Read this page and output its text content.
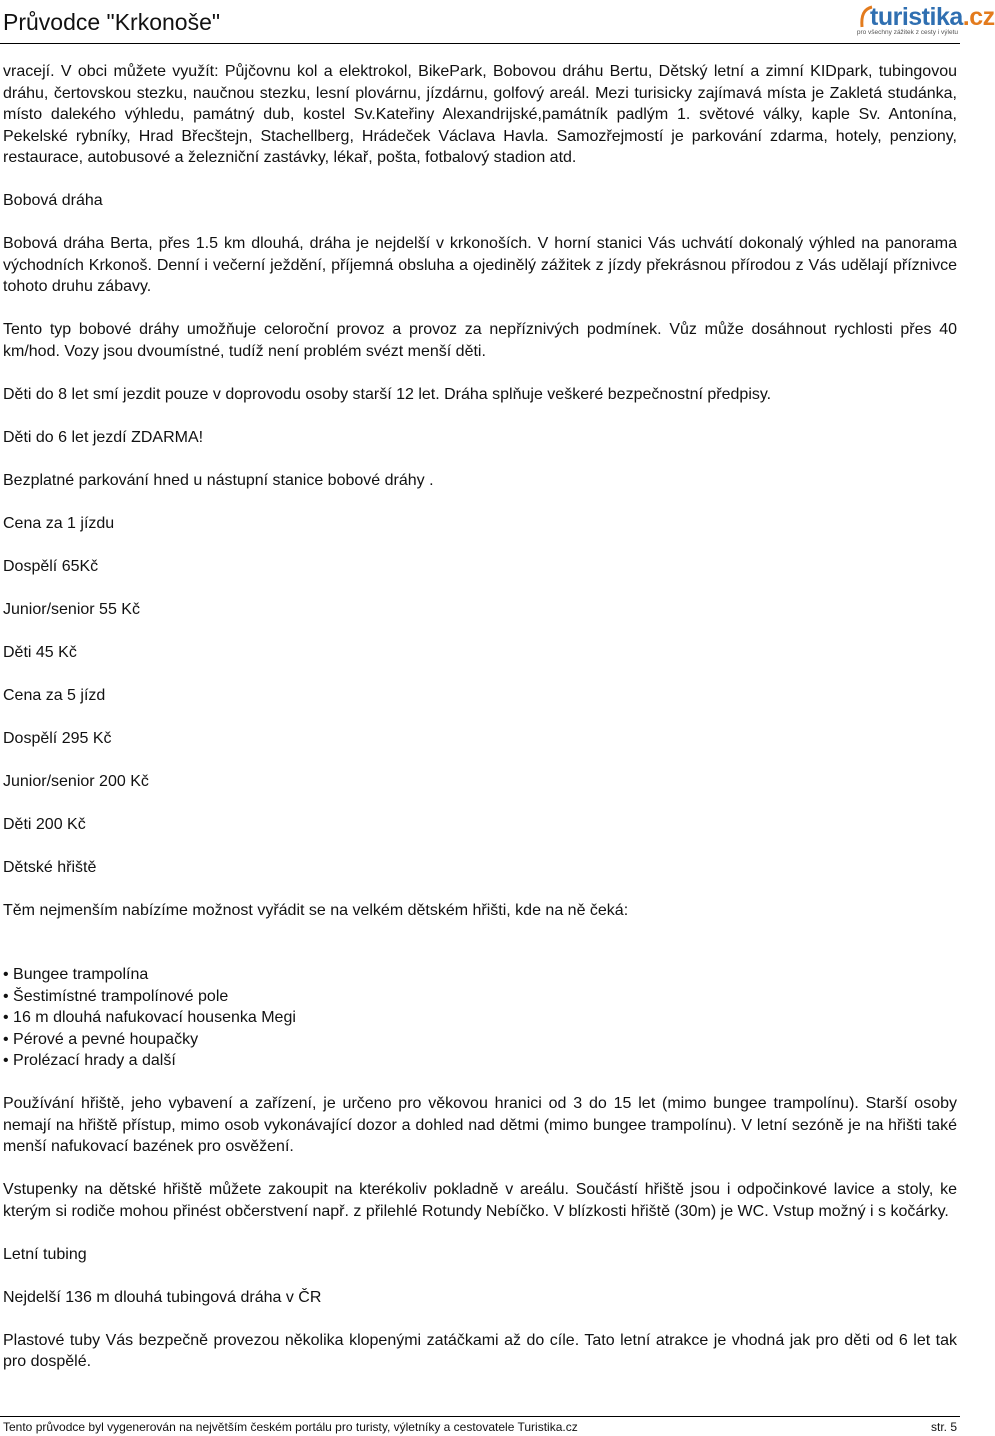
Průvodce "Krkonoše"	turistika.cz
pro všechny zážitek z cesty i výletu

vracejí. V obci můžete využít: Půjčovnu kol a elektrokol, BikePark, Bobovou dráhu Bertu, Dětský letní a zimní KIDpark, tubingovou dráhu, čertovskou stezku, naučnou stezku, lesní plovárnu, jízdárnu, golfový areál. Mezi turisicky zajímavá místa je Zakletá studánka, místo dalekého výhledu, památný dub, kostel Sv.Kateřiny Alexandrijské,památník padlým 1. světové války, kaple Sv. Antonína, Pekelské rybníky, Hrad Břecštejn, Stachellberg, Hrádeček Václava Havla. Samozřejmostí je parkování zdarma, hotely, penziony, restaurace, autobusové a železniční zastávky, lékař, pošta, fotbalový stadion atd.

Bobová dráha

Bobová dráha Berta, přes 1.5 km dlouhá, dráha je nejdelší v krkonoších. V horní stanici Vás uchvátí dokonalý výhled na panorama východních Krkonoš. Denní i večerní ježdění, příjemná obsluha a ojedinělý zážitek z jízdy překrásnou přírodou z Vás udělají příznivce tohoto druhu zábavy.

Tento typ bobové dráhy umožňuje celoroční provoz a provoz za nepříznivých podmínek. Vůz může dosáhnout rychlosti přes 40 km/hod. Vozy jsou dvoumístné, tudíž není problém svézt menší děti.

Děti do 8 let smí jezdit pouze v doprovodu osoby starší 12 let. Dráha splňuje veškeré bezpečnostní předpisy.

Děti do 6 let jezdí ZDARMA!

Bezplatné parkování hned u nástupní stanice bobové dráhy .

Cena za 1 jízdu

Dospělí 65Kč

Junior/senior 55 Kč

Děti 45 Kč

Cena za 5 jízd

Dospělí 295 Kč

Junior/senior 200 Kč

Děti 200 Kč

Dětské hřiště

Těm nejmenším nabízíme možnost vyřádit se na velkém dětském hřišti, kde na ně čeká:

• Bungee trampolína
• Šestimístné trampolínové pole
• 16 m dlouhá nafukovací housenka Megi
• Pérové a pevné houpačky
• Prolézací hrady a další

Používání hřiště, jeho vybavení a zařízení, je určeno pro věkovou hranici od 3 do 15 let (mimo bungee trampolínu). Starší osoby nemají na hřiště přístup, mimo osob vykonávající dozor a dohled nad dětmi (mimo bungee trampolínu). V letní sezóně je na hřišti také menší nafukovací bazének pro osvěžení.

Vstupenky na dětské hřiště můžete zakoupit na kterékoliv pokladně v areálu. Součástí hřiště jsou i odpočinkové lavice a stoly, ke kterým si rodiče mohou přinést občerstvení např. z přilehlé Rotundy Nebíčko. V blízkosti hřiště (30m) je WC. Vstup možný i s kočárky.

Letní tubing

Nejdelší 136 m dlouhá tubingová dráha v ČR

Plastové tuby Vás bezpečně provezou několika klopenými zatáčkami až do cíle. Tato letní atrakce je vhodná jak pro děti od 6 let tak pro dospělé.

Tento průvodce byl vygenerován na největším českém portálu pro turisty, výletníky a cestovatele Turistika.cz	str. 5
